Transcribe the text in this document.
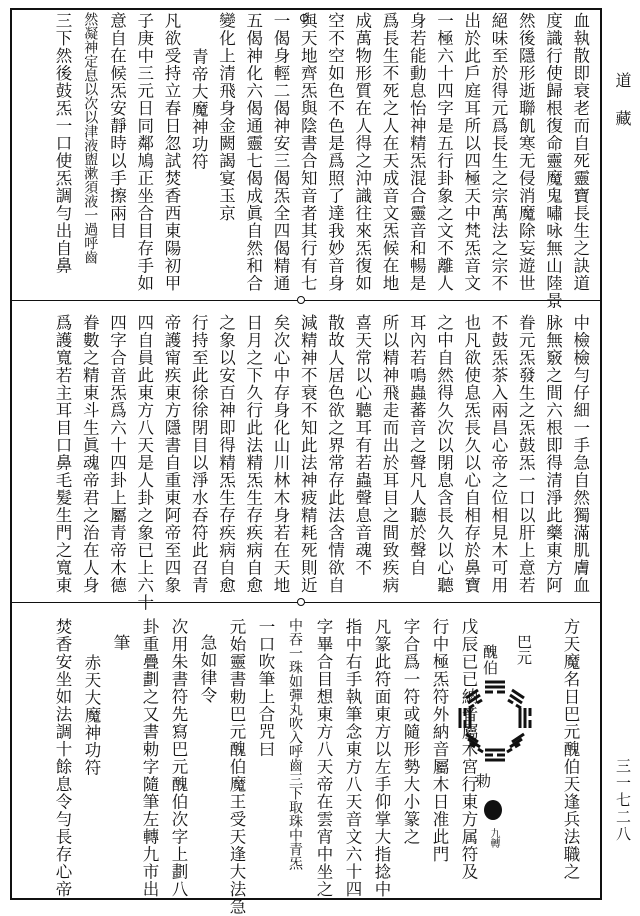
道藏
三一七二八
血執散即衰老而自死靈寶長生之訣道
度識行使歸根復命靈魔鬼嘯咏無山陸景
然後隱形逝聯飢寒无侵消魔除妄遊世
絕味至於得元爲長生之宗萬法之宗不
出於此戶庭耳所以四極天中梵炁音文
一極六十四字是五行卦象之文不離人
身若能動息怡神精炁混合靈音和暢是
爲長生不死之人在天成音文炁候在地
成萬物形質在人得之沖識往來炁復如
空不空如色不色是爲照了達我妙音身
與天地齊炁與陰書合知音者其行有七
一偈身輕二偈神安三偈炁全四偈精通
五偈神化六偈通靈七偈成眞自然和合
變化上清飛身金闕謁宴玉京
青帝大魔神功符
凡欲受持立春日忽試焚香西東陽初甲
子庚中三元日同鄰鳩正坐合目存手如
意自在候炁安靜時以手擦兩目
然凝神定息以次以津液盥漱須液一過呼齒
三下然後鼓炁一口使炁調勻出自鼻
中檢檢勻仔細一手急自然獨滿肌膚血
脉無竅之間六根即得清淨此藥東方阿
眷元炁發生之炁鼓炁一口以肝上意若
不鼓炁茶入兩昌心帝之位相見木可用
也凡欲使息炁長久以心自相存於鼻寶
之中自然得久次以閉息含長久以心聽
耳內若鳴蟲蕃音之聲凡人聽於聲自
所以精神飛走而出於耳目之間致疾病
喜天常以心聽耳有若蟲聲息音魂不
散故人居色欲之界常存此法含情欲自
減精神不衰不知此法神疲精耗死則近
矣次心中存身化山川林木身若在天地
日月之下久行此法精炁生存疾病自愈
之象以安百神即得精炁生存疾病自愈
行持至此徐徐閉目以淨水吞符此召青
帝護甯疾東方隱書自重東阿帝至四象
四自員此東方八天是人卦之象已上六十
四字合音炁爲六十四卦上屬青帝木德
眷數之精東斗生眞魂帝君之治在人身
爲護寬若主耳目口鼻毛髮生門之寬東
戊辰已已納音屬木宮行東方属符及
行中極炁符外納音屬木日准此門
字合爲一符或隨形勢大小篆之
凡篆此符面東方以左手仰掌大指捻中
指中右手執筆念東方八天音文六十四
字畢合目想東方八天帝在雲宵中坐之
中吞一珠如彈丸吹入呼齒三下取珠中青炁
一口吹筆上合咒曰
元始靈書勅巴元醜伯魔王受天逢大法急
急如律令
次用朱書符先寫巴元醜伯次字上劃八
卦重疊劃之又書勅字隨筆左轉九市出
筆
赤天大魔神功符
焚香安坐如法調十餘息令勻長存心帝	方天魔名日巴元醜伯天逢兵法職之
巴元
醜伯
勅
九轉
